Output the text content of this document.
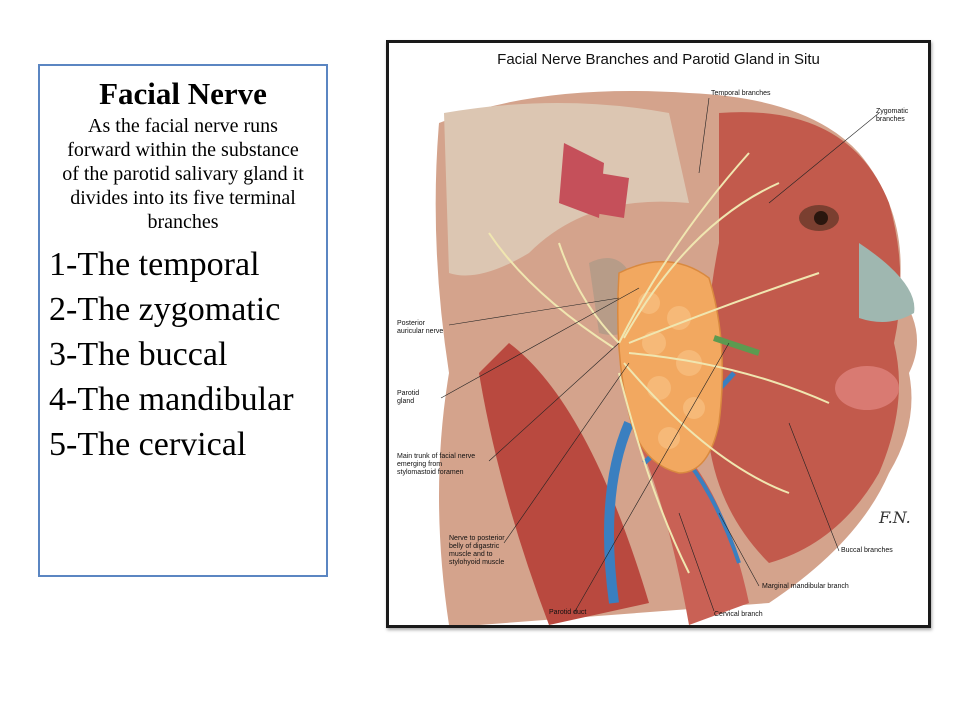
Facial Nerve
As the facial nerve runs forward within the substance of the parotid salivary gland it divides into its five terminal branches
1-The temporal
2-The zygomatic
3-The buccal
4-The mandibular
5-The cervical
F.N.
Facial Nerve Branches and Parotid Gland in Situ
Temporal branches
Zygomatic
branches
Posterior
auricular nerve
Parotid
gland
Main trunk of facial nerve
emerging from
stylomastoid foramen
Nerve to posterior
belly of digastric
muscle and to
stylohyoid muscle
Parotid duct	Cervical branch
Marginal mandibular branch
Buccal branches
